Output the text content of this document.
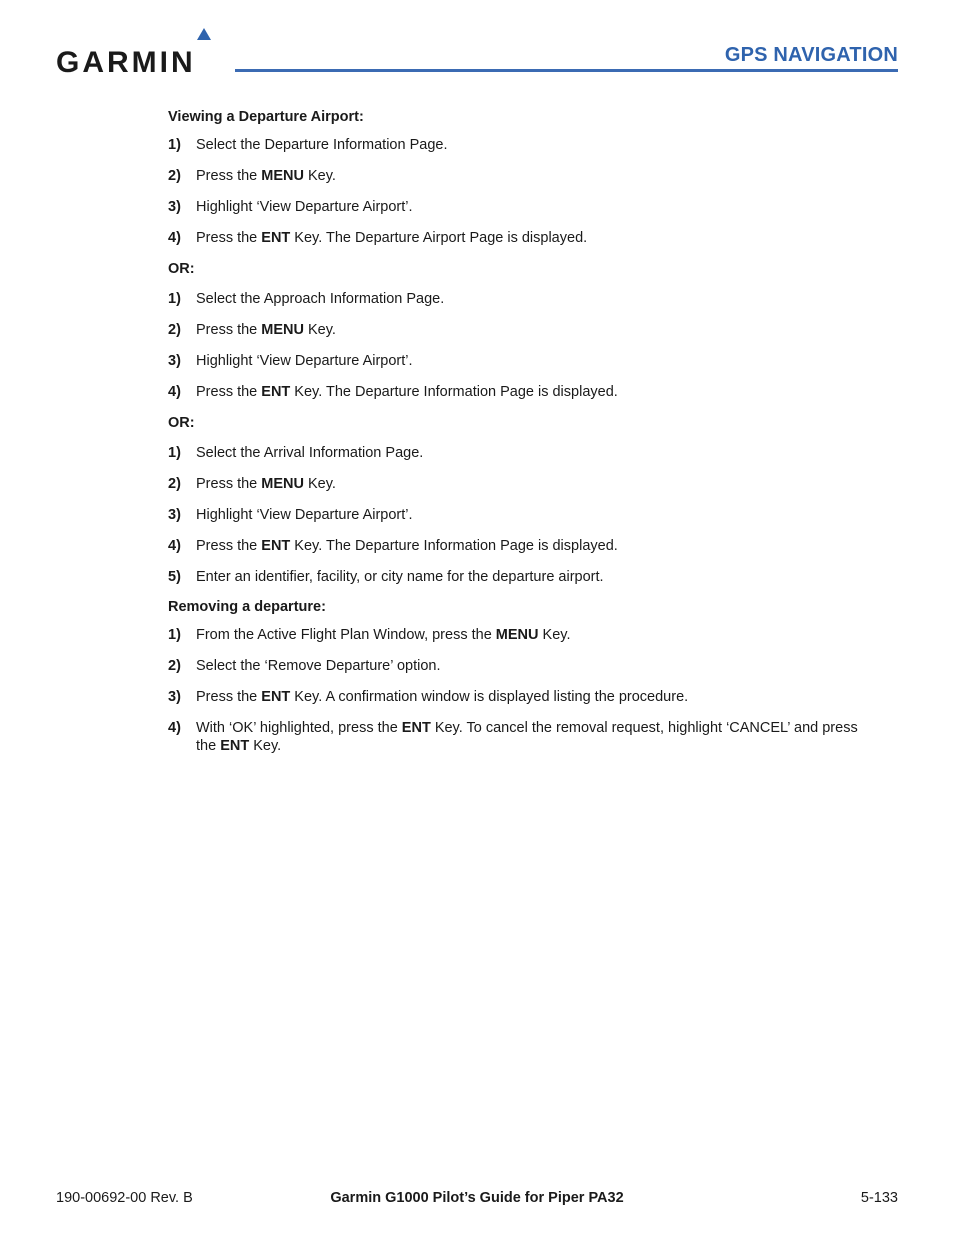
GARMIN	GPS NAVIGATION
Viewing a Departure Airport:
1)	Select the Departure Information Page.
2)	Press the MENU Key.
3)	Highlight ‘View Departure Airport’.
4)	Press the ENT Key. The Departure Airport Page is displayed.
OR:
1)	Select the Approach Information Page.
2)	Press the MENU Key.
3)	Highlight ‘View Departure Airport’.
4)	Press the ENT Key. The Departure Information Page is displayed.
OR:
1)	Select the Arrival Information Page.
2)	Press the MENU Key.
3)	Highlight ‘View Departure Airport’.
4)	Press the ENT Key. The Departure Information Page is displayed.
5)	Enter an identifier, facility, or city name for the departure airport.
Removing a departure:
1)	From the Active Flight Plan Window, press the MENU Key.
2)	Select the ‘Remove Departure’ option.
3)	Press the ENT Key. A confirmation window is displayed listing the procedure.
4)	With ‘OK’ highlighted, press the ENT Key. To cancel the removal request, highlight ‘CANCEL’ and press the ENT Key.
190-00692-00 Rev. B	Garmin G1000 Pilot’s Guide for Piper PA32	5-133
